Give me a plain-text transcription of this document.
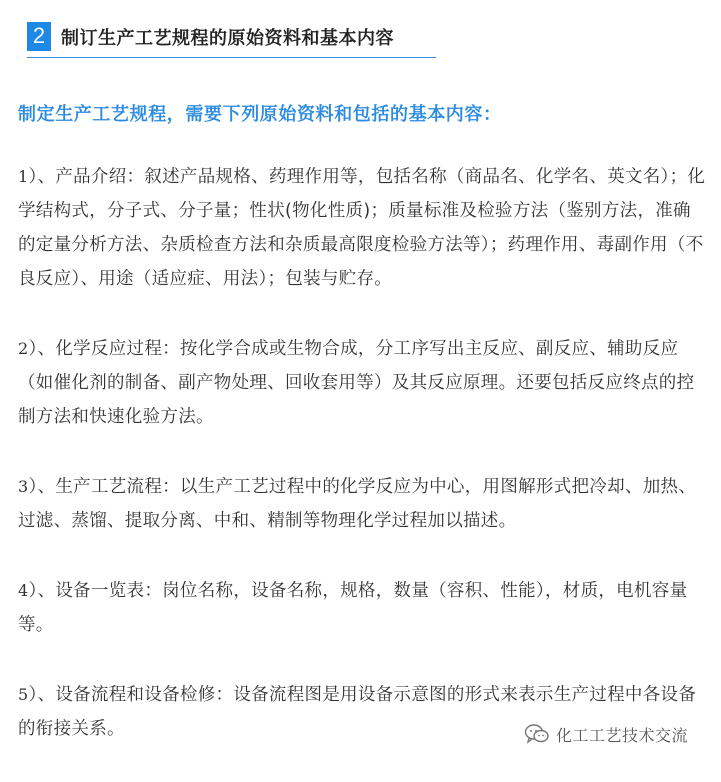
2 制订生产工艺规程的原始资料和基本内容
制定生产工艺规程，需要下列原始资料和包括的基本内容：

1）、产品介绍：叙述产品规格、药理作用等，包括名称（商品名、化学名、英文名）；化学结构式，分子式、分子量；性状(物化性质)；质量标准及检验方法（鉴别方法，准确的定量分析方法、杂质检查方法和杂质最高限度检验方法等）；药理作用、毒副作用（不良反应）、用途（适应症、用法）；包装与贮存。

2）、化学反应过程：按化学合成或生物合成，分工序写出主反应、副反应、辅助反应（如催化剂的制备、副产物处理、回收套用等）及其反应原理。还要包括反应终点的控制方法和快速化验方法。

3）、生产工艺流程：以生产工艺过程中的化学反应为中心，用图解形式把冷却、加热、过滤、蒸馏、提取分离、中和、精制等物理化学过程加以描述。

4）、设备一览表：岗位名称，设备名称，规格，数量（容积、性能），材质，电机容量等。

5）、设备流程和设备检修：设备流程图是用设备示意图的形式来表示生产过程中各设备的衔接关系。	化工工艺技术交流
